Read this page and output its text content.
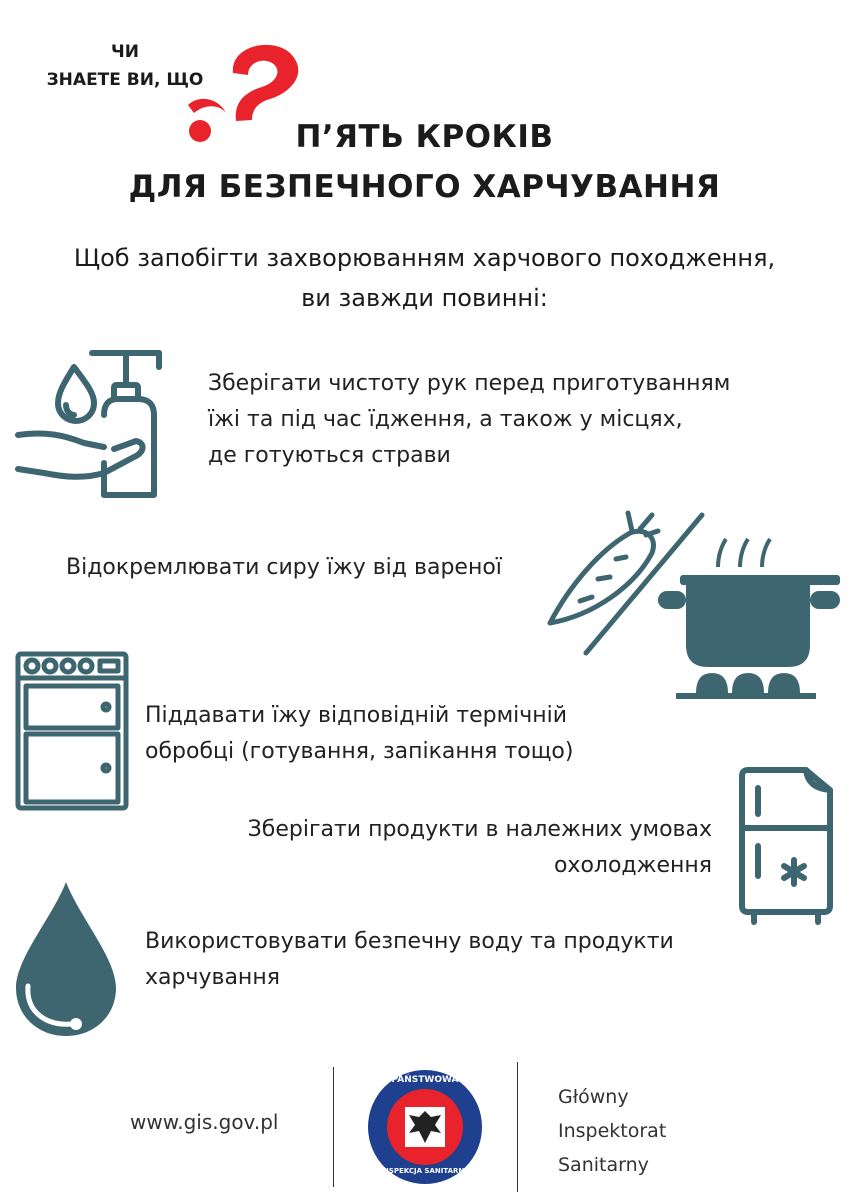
ЧИ
ЗНАЕТЕ ВИ, ЩО
П’ЯТЬ КРОКІВ
ДЛЯ БЕЗПЕЧНОГО ХАРЧУВАННЯ
Щоб запобігти захворюванням харчового походження,
ви завжди повинні:
Зберігати чистоту рук перед приготуванням
їжі та під час їдження, а також у місцях,
де готуються страви
Відокремлювати сиру їжу від вареної
Піддавати їжу відповідній термічній
обробці (готування, запікання тощо)
Зберігати продукти в належних умовах
охолодження
Використовувати безпечну воду та продукти
харчування
www.gis.gov.pl
PAŃSTWOWA
INSPEKCJA SANITARNA
Główny
Inspektorat
Sanitarny
